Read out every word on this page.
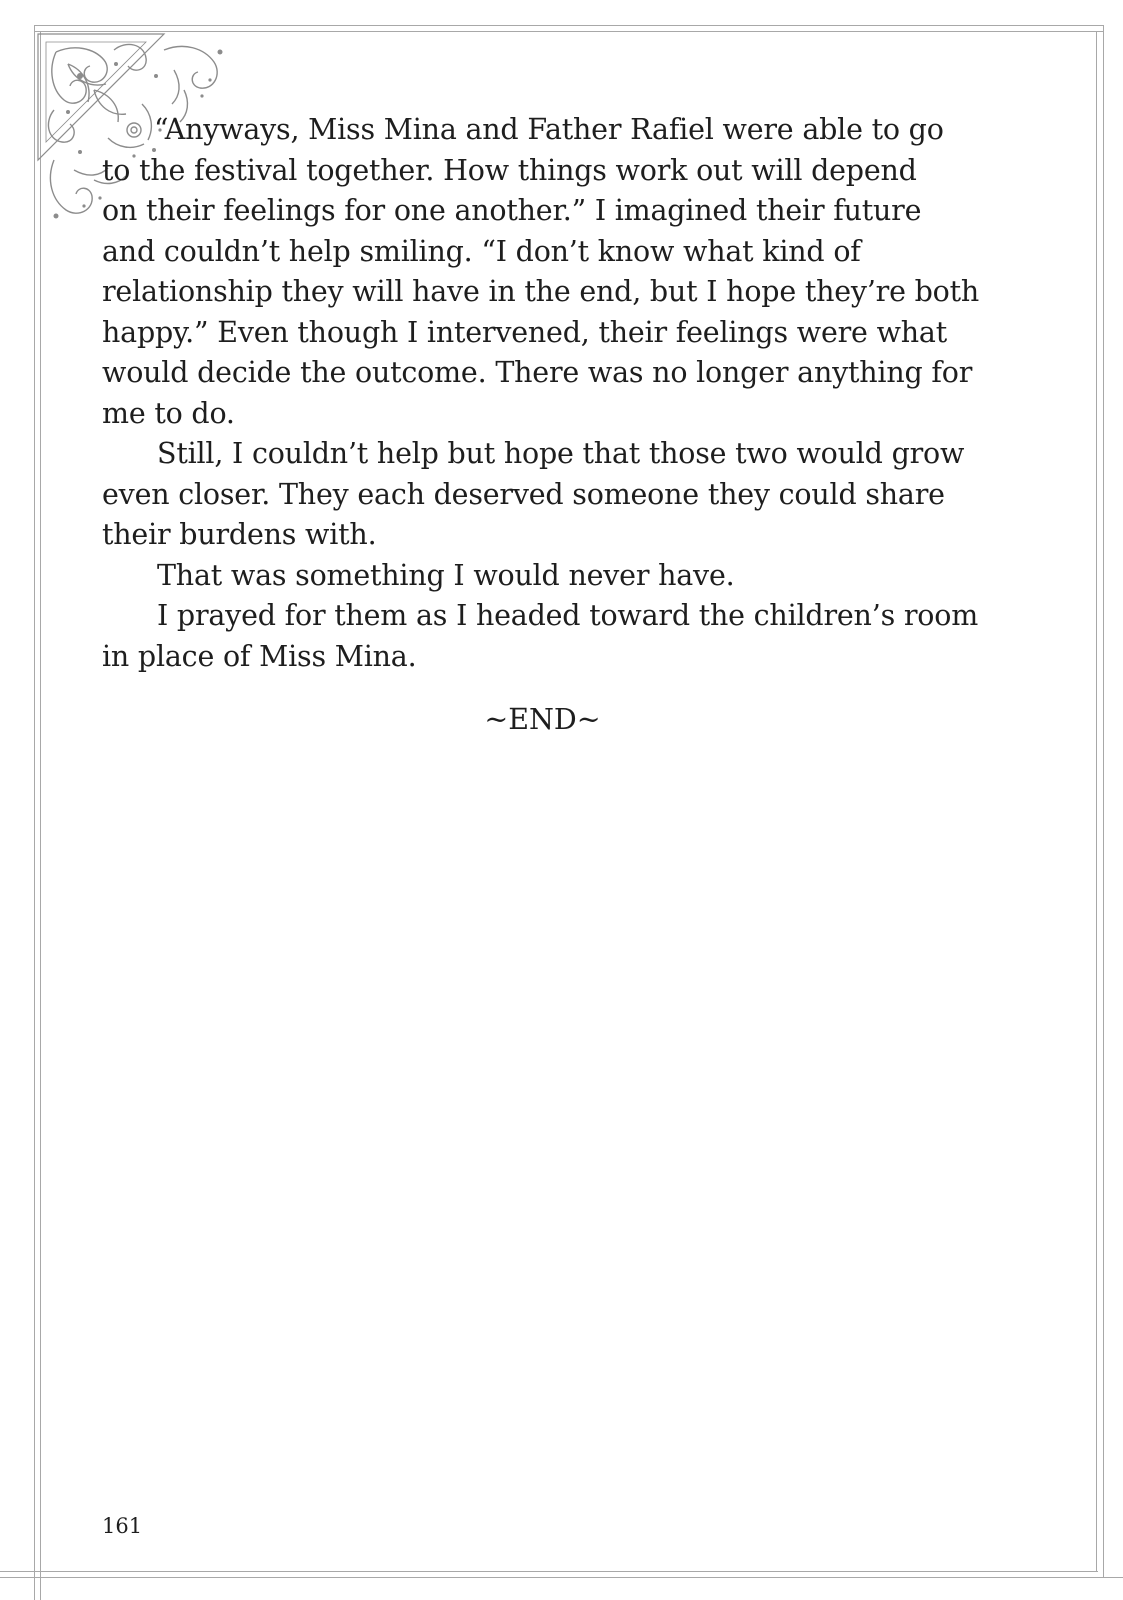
“Anyways, Miss Mina and Father Rafiel were able to go
to the festival together. How things work out will depend
on their feelings for one another.” I imagined their future
and couldn’t help smiling. “I don’t know what kind of
relationship they will have in the end, but I hope they’re both
happy.” Even though I intervened, their feelings were what
would decide the outcome. There was no longer anything for
me to do.
Still, I couldn’t help but hope that those two would grow
even closer. They each deserved someone they could share
their burdens with.
That was something I would never have.
I prayed for them as I headed toward the children’s room
in place of Miss Mina.
~END~
161
